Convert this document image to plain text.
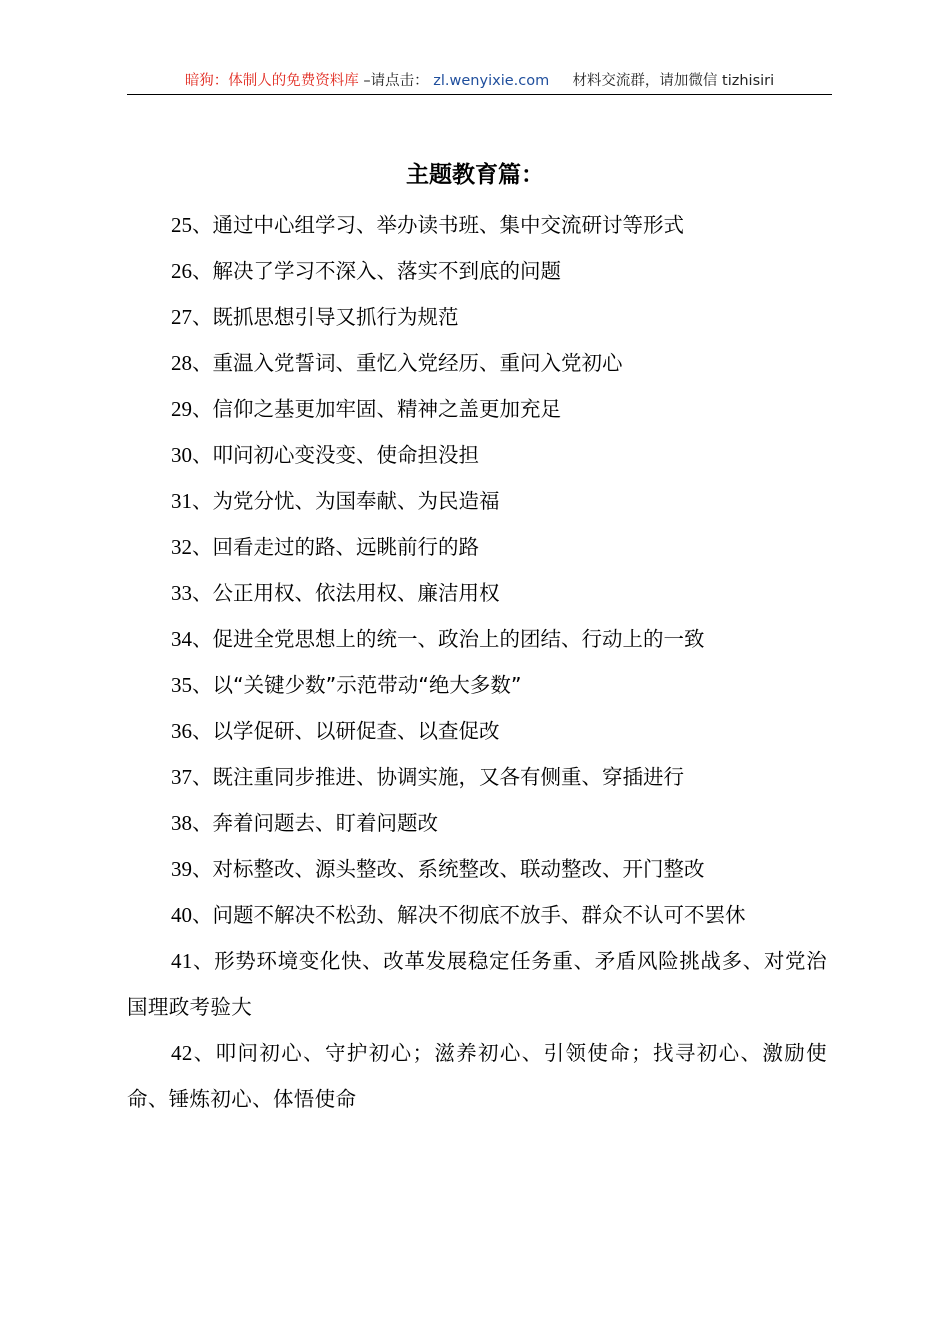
暗狗：体制人的免费资料库 –请点击： zl.wenyixie.com 材料交流群，请加微信 tizhisiri
主题教育篇：
25、通过中心组学习、举办读书班、集中交流研讨等形式
26、解决了学习不深入、落实不到底的问题
27、既抓思想引导又抓行为规范
28、重温入党誓词、重忆入党经历、重问入党初心
29、信仰之基更加牢固、精神之盖更加充足
30、叩问初心变没变、使命担没担
31、为党分忧、为国奉献、为民造福
32、回看走过的路、远眺前行的路
33、公正用权、依法用权、廉洁用权
34、促进全党思想上的统一、政治上的团结、行动上的一致
35、以“关键少数”示范带动“绝大多数”
36、以学促研、以研促查、以查促改
37、既注重同步推进、协调实施，又各有侧重、穿插进行
38、奔着问题去、盯着问题改
39、对标整改、源头整改、系统整改、联动整改、开门整改
40、问题不解决不松劲、解决不彻底不放手、群众不认可不罢休
41、形势环境变化快、改革发展稳定任务重、矛盾风险挑战多、对党治国理政考验大
42、叩问初心、守护初心；滋养初心、引领使命；找寻初心、激励使命、锤炼初心、体悟使命
